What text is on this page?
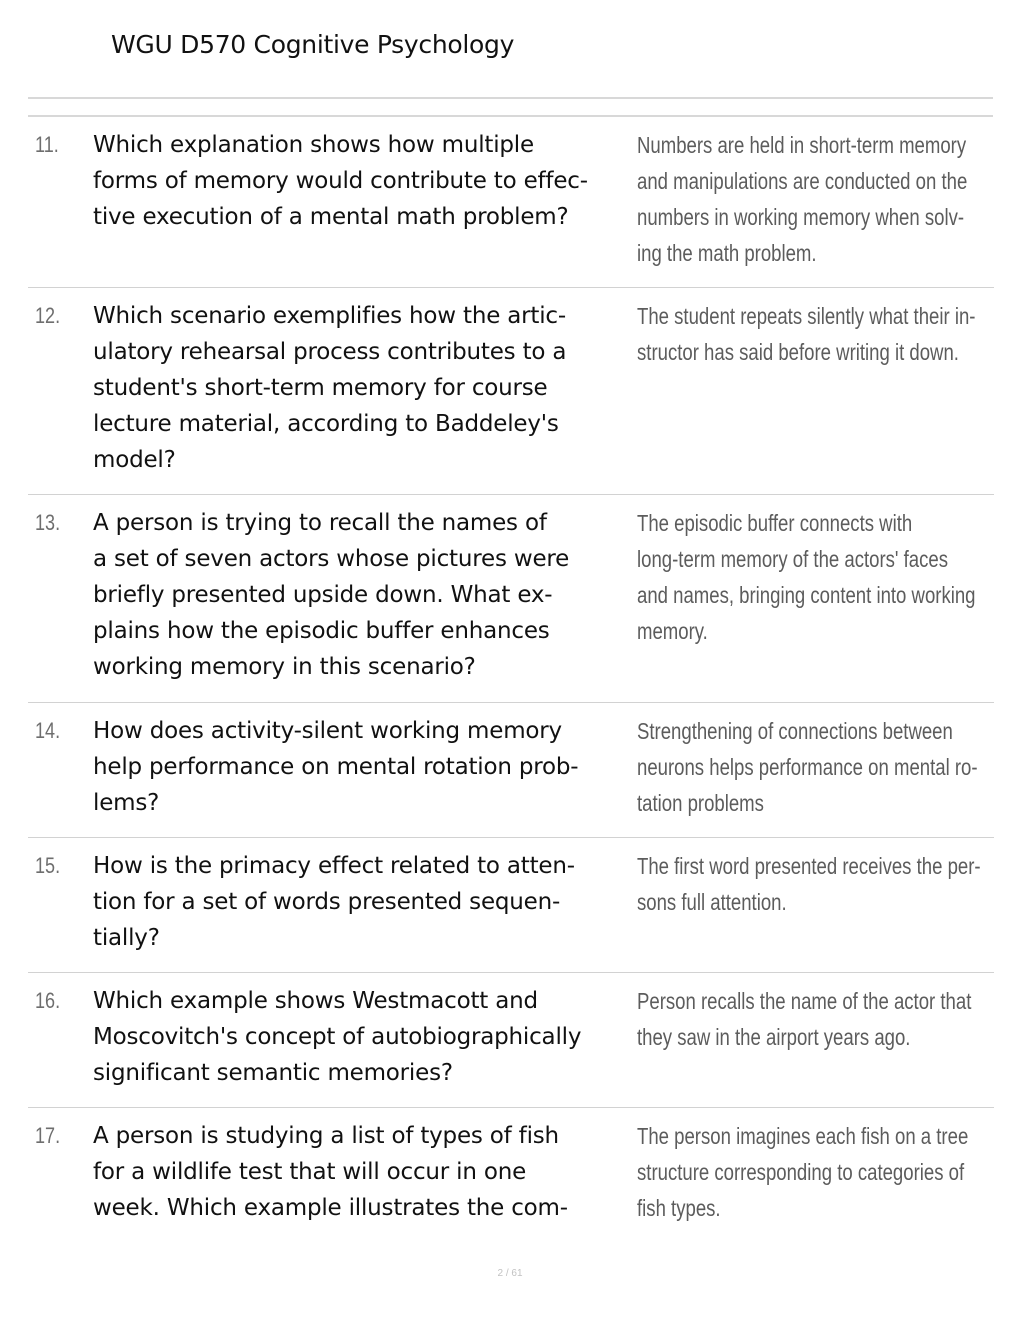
WGU D570 Cognitive Psychology
11. Which explanation shows how multiple
forms of memory would contribute to effec-
tive execution of a mental math problem?
Numbers are held in short-term memory
and manipulations are conducted on the
numbers in working memory when solv-
ing the math problem.
12. Which scenario exemplifies how the artic-
ulatory rehearsal process contributes to a
student's short-term memory for course
lecture material, according to Baddeley's
model?
The student repeats silently what their in-
structor has said before writing it down.
13. A person is trying to recall the names of
a set of seven actors whose pictures were
briefly presented upside down. What ex-
plains how the episodic buffer enhances
working memory in this scenario?
The episodic buffer connects with
long-term memory of the actors' faces
and names, bringing content into working
memory.
14. How does activity-silent working memory
help performance on mental rotation prob-
lems?
Strengthening of connections between
neurons helps performance on mental ro-
tation problems
15. How is the primacy effect related to atten-
tion for a set of words presented sequen-
tially?
The first word presented receives the per-
sons full attention.
16. Which example shows Westmacott and
Moscovitch's concept of autobiographically
significant semantic memories?
Person recalls the name of the actor that
they saw in the airport years ago.
17. A person is studying a list of types of fish
for a wildlife test that will occur in one
week. Which example illustrates the com-
The person imagines each fish on a tree
structure corresponding to categories of
fish types.
2 / 61
